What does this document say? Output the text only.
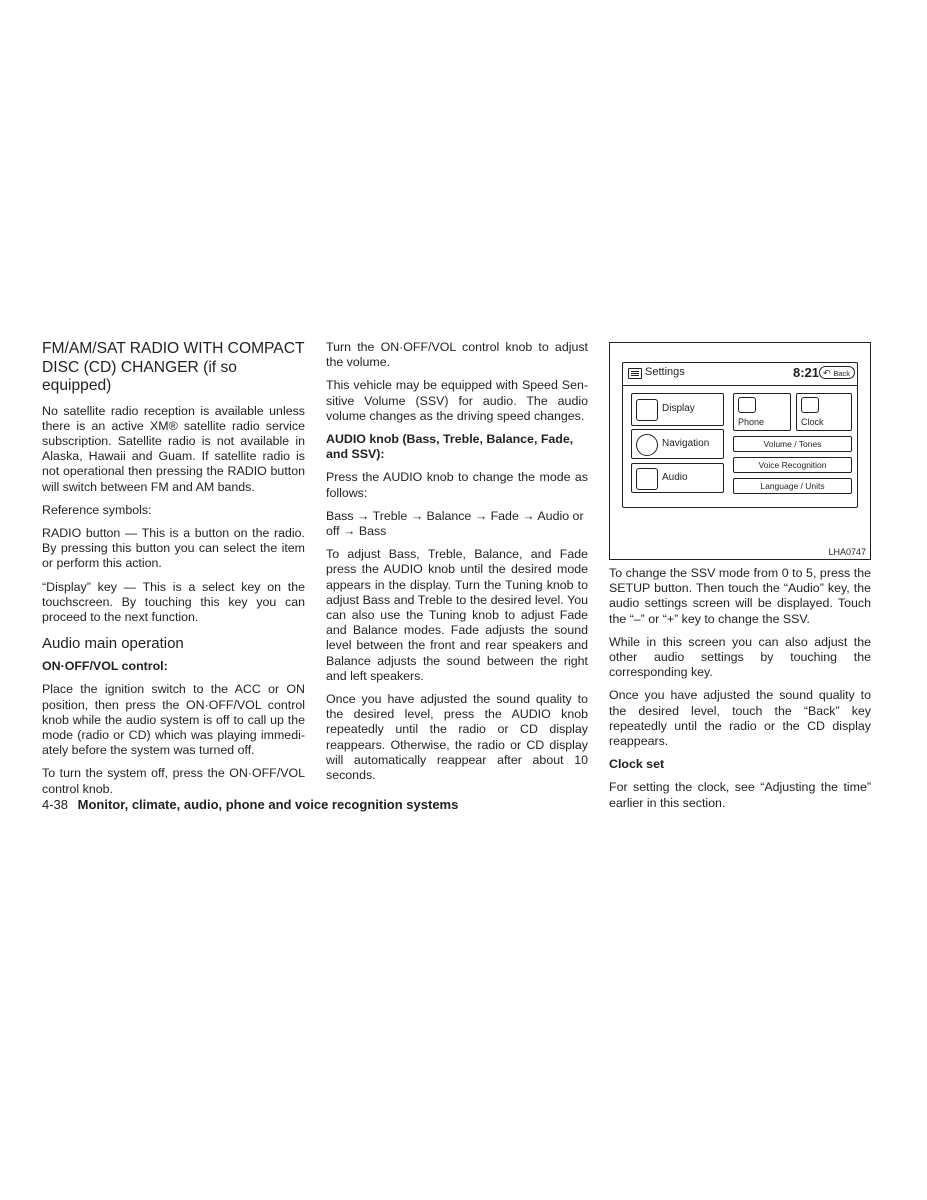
FM/AM/SAT RADIO WITH COMPACT DISC (CD) CHANGER (if so equipped)

No satellite radio reception is available unless there is an active XM® satellite radio service subscription. Satellite radio is not available in Alaska, Hawaii and Guam. If satellite radio is not operational then pressing the RADIO button will switch between FM and AM bands.

Reference symbols:

RADIO button — This is a button on the radio. By pressing this button you can select the item or perform this action.

“Display” key — This is a select key on the touchscreen. By touching this key you can proceed to the next function.

Audio main operation
ON·OFF/VOL control:

Place the ignition switch to the ACC or ON position, then press the ON·OFF/VOL control knob while the audio system is off to call up the mode (radio or CD) which was playing immediately before the system was turned off.

To turn the system off, press the ON·OFF/VOL control knob.

Turn the ON·OFF/VOL control knob to adjust the volume.

This vehicle may be equipped with Speed Sensitive Volume (SSV) for audio. The audio volume changes as the driving speed changes.

AUDIO knob (Bass, Treble, Balance, Fade, and SSV):

Press the AUDIO knob to change the mode as follows:

Bass → Treble → Balance → Fade → Audio or off → Bass

To adjust Bass, Treble, Balance, and Fade press the AUDIO knob until the desired mode appears in the display. Turn the Tuning knob to adjust Bass and Treble to the desired level. You can also use the Tuning knob to adjust Fade and Balance modes. Fade adjusts the sound level between the front and rear speakers and Balance adjusts the sound between the right and left speakers.

Once you have adjusted the sound quality to the desired level, press the AUDIO knob repeatedly until the radio or CD display reappears. Otherwise, the radio or CD display will automatically reappear after about 10 seconds.

Settings	8:21 ↶ Back
Display
Navigation
Audio
Phone	Clock
Volume / Tones
Voice Recognition
Language / Units
LHA0747

To change the SSV mode from 0 to 5, press the SETUP button. Then touch the “Audio” key, the audio settings screen will be displayed. Touch the “–” or “+” key to change the SSV.

While in this screen you can also adjust the other audio settings by touching the corresponding key.

Once you have adjusted the sound quality to the desired level, touch the “Back” key repeatedly until the radio or the CD display reappears.

Clock set

For setting the clock, see “Adjusting the time” earlier in this section.

4-38 Monitor, climate, audio, phone and voice recognition systems
